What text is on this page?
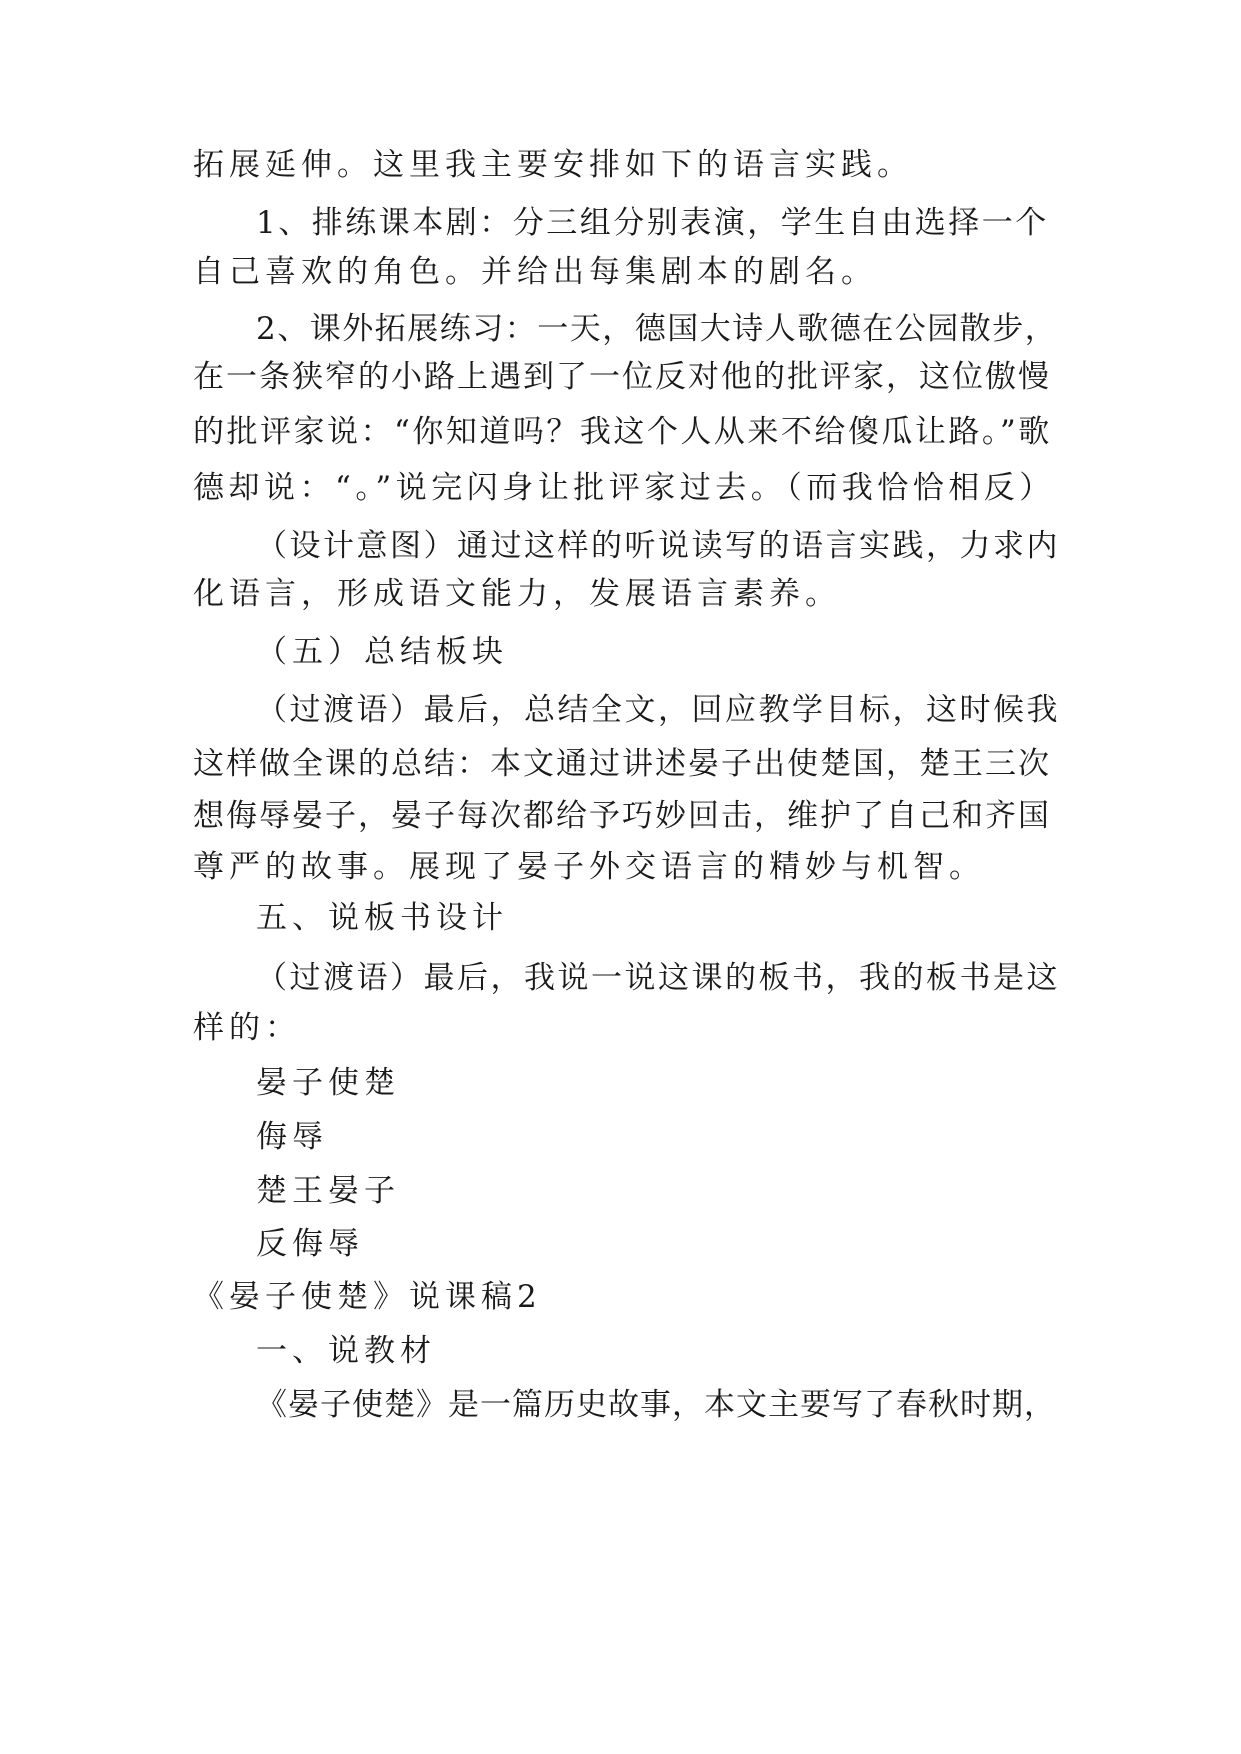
拓展延伸。这里我主要安排如下的语言实践。
1、排练课本剧：分三组分别表演，学生自由选择一个
自己喜欢的角色。并给出每集剧本的剧名。
2、课外拓展练习：一天，德国大诗人歌德在公园散步，
在一条狭窄的小路上遇到了一位反对他的批评家，这位傲慢
的批评家说：“你知道吗？我这个人从来不给傻瓜让路。”歌
德却说：“。”说完闪身让批评家过去。（而我恰恰相反）
（设计意图）通过这样的听说读写的语言实践，力求内
化语言，形成语文能力，发展语言素养。
（五）总结板块
（过渡语）最后，总结全文，回应教学目标，这时候我
这样做全课的总结：本文通过讲述晏子出使楚国，楚王三次
想侮辱晏子，晏子每次都给予巧妙回击，维护了自己和齐国
尊严的故事。展现了晏子外交语言的精妙与机智。
五、说板书设计
（过渡语）最后，我说一说这课的板书，我的板书是这
样的：
晏子使楚
侮辱
楚王晏子
反侮辱
《晏子使楚》说课稿2
一、说教材
《晏子使楚》是一篇历史故事，本文主要写了春秋时期，
